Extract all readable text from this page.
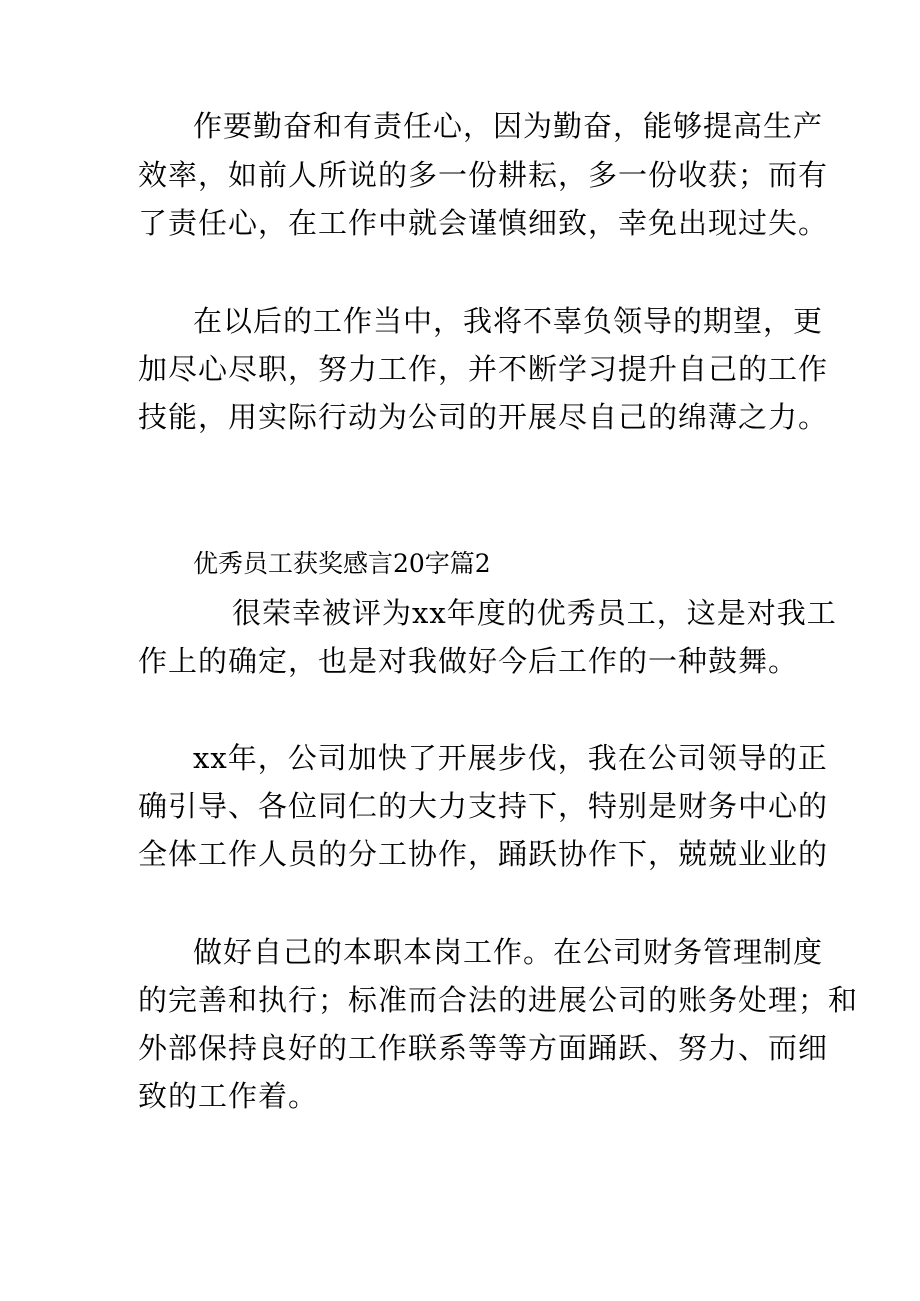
作要勤奋和有责任心，因为勤奋，能够提高生产
效率，如前人所说的多一份耕耘，多一份收获；而有
了责任心，在工作中就会谨慎细致，幸免出现过失。
在以后的工作当中，我将不辜负领导的期望，更
加尽心尽职，努力工作，并不断学习提升自己的工作
技能，用实际行动为公司的开展尽自己的绵薄之力。
优秀员工获奖感言20字篇2
很荣幸被评为xx年度的优秀员工，这是对我工
作上的确定，也是对我做好今后工作的一种鼓舞。
xx年，公司加快了开展步伐，我在公司领导的正
确引导、各位同仁的大力支持下，特别是财务中心的
全体工作人员的分工协作，踊跃协作下，兢兢业业的
做好自己的本职本岗工作。在公司财务管理制度
的完善和执行；标准而合法的进展公司的账务处理；和
外部保持良好的工作联系等等方面踊跃、努力、而细
致的工作着。
